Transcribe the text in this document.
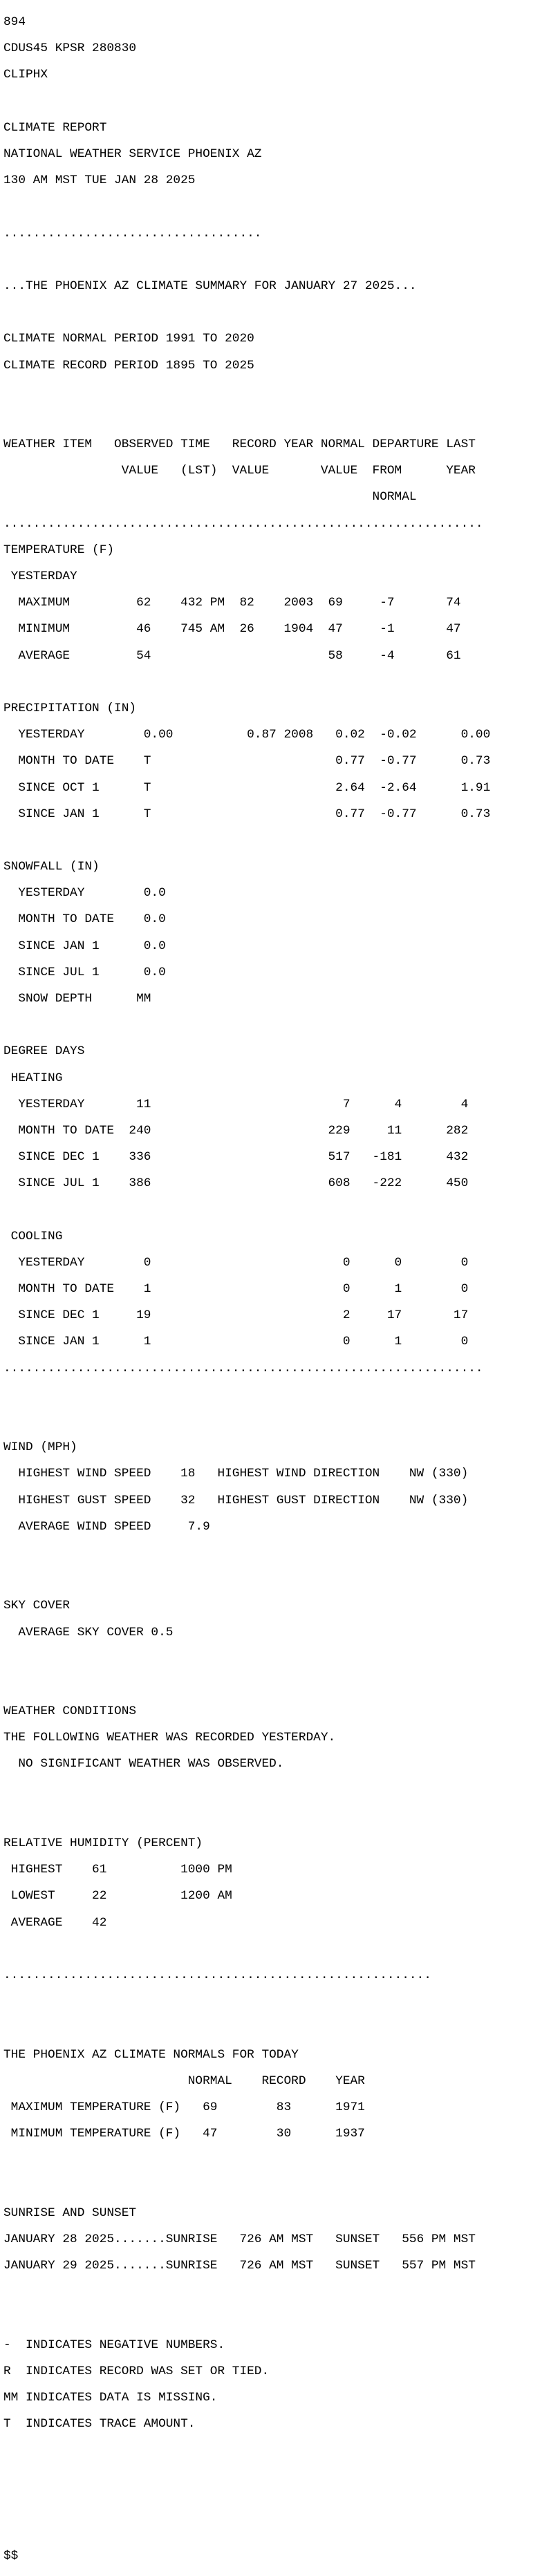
894

CDUS45 KPSR 280830

CLIPHX

CLIMATE REPORT

NATIONAL WEATHER SERVICE PHOENIX AZ

130 AM MST TUE JAN 28 2025

...................................

...THE PHOENIX AZ CLIMATE SUMMARY FOR JANUARY 27 2025...

CLIMATE NORMAL PERIOD 1991 TO 2020

CLIMATE RECORD PERIOD 1895 TO 2025

WEATHER ITEM   OBSERVED TIME   RECORD YEAR NORMAL DEPARTURE LAST

VALUE   (LST)  VALUE       VALUE  FROM      YEAR

NORMAL

.................................................................

TEMPERATURE (F)

YESTERDAY

MAXIMUM         62    432 PM  82    2003  69     -7       74

MINIMUM         46    745 AM  26    1904  47     -1       47

AVERAGE         54                        58     -4       61

PRECIPITATION (IN)

YESTERDAY        0.00          0.87 2008   0.02  -0.02      0.00

MONTH TO DATE    T                         0.77  -0.77      0.73

SINCE OCT 1      T                         2.64  -2.64      1.91

SINCE JAN 1      T                         0.77  -0.77      0.73

SNOWFALL (IN)

YESTERDAY        0.0

MONTH TO DATE    0.0

SINCE JAN 1      0.0

SINCE JUL 1      0.0

SNOW DEPTH      MM

DEGREE DAYS

HEATING

YESTERDAY       11                          7      4        4

MONTH TO DATE  240                        229     11      282

SINCE DEC 1    336                        517   -181      432

SINCE JUL 1    386                        608   -222      450

COOLING

YESTERDAY        0                          0      0        0

MONTH TO DATE    1                          0      1        0

SINCE DEC 1     19                          2     17       17

SINCE JAN 1      1                          0      1        0

.................................................................

WIND (MPH)

HIGHEST WIND SPEED    18   HIGHEST WIND DIRECTION    NW (330)

HIGHEST GUST SPEED    32   HIGHEST GUST DIRECTION    NW (330)

AVERAGE WIND SPEED     7.9

SKY COVER

AVERAGE SKY COVER 0.5

WEATHER CONDITIONS

THE FOLLOWING WEATHER WAS RECORDED YESTERDAY.

NO SIGNIFICANT WEATHER WAS OBSERVED.

RELATIVE HUMIDITY (PERCENT)

HIGHEST    61          1000 PM

LOWEST     22          1200 AM

AVERAGE    42

..........................................................

THE PHOENIX AZ CLIMATE NORMALS FOR TODAY

NORMAL    RECORD    YEAR

MAXIMUM TEMPERATURE (F)   69        83      1971

MINIMUM TEMPERATURE (F)   47        30      1937

SUNRISE AND SUNSET

JANUARY 28 2025.......SUNRISE   726 AM MST   SUNSET   556 PM MST

JANUARY 29 2025.......SUNRISE   726 AM MST   SUNSET   557 PM MST

-  INDICATES NEGATIVE NUMBERS.

R  INDICATES RECORD WAS SET OR TIED.

MM INDICATES DATA IS MISSING.

T  INDICATES TRACE AMOUNT.

$$
